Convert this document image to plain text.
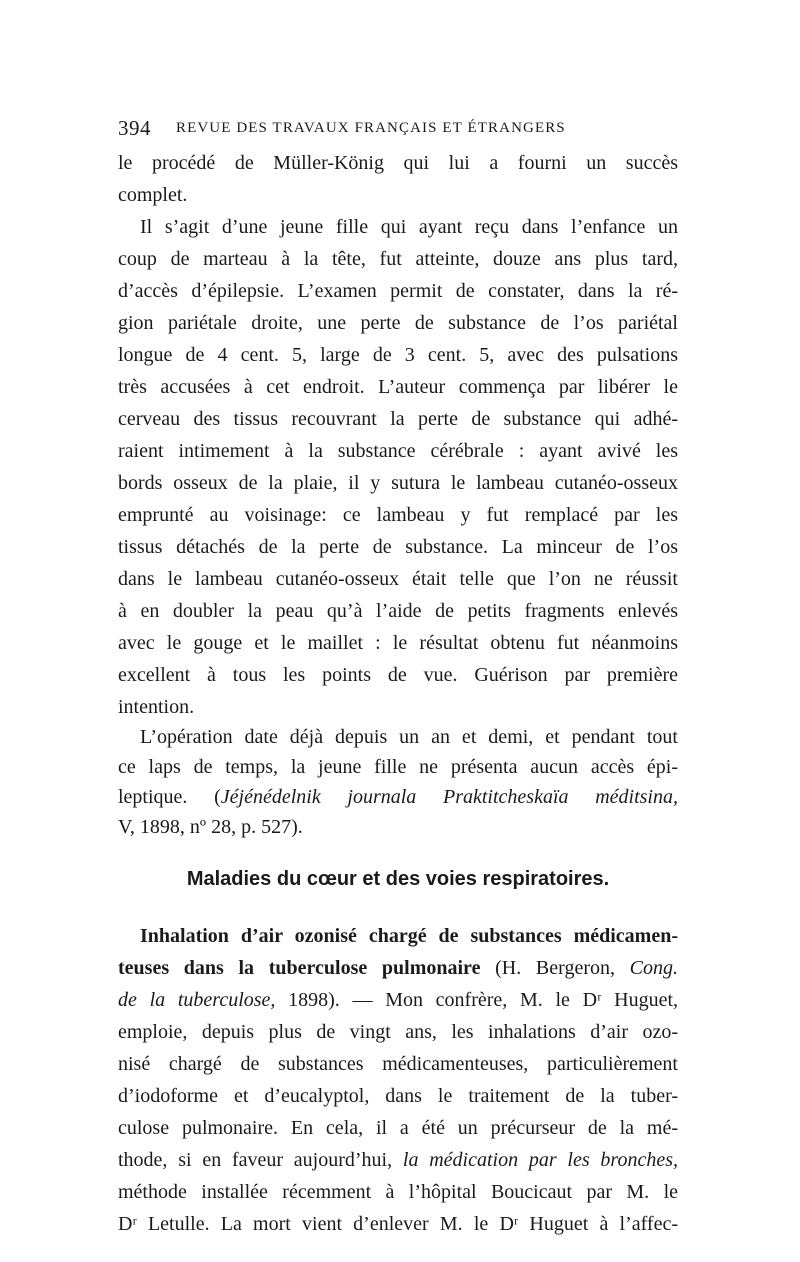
394 REVUE DES TRAVAUX FRANÇAIS ET ÉTRANGERS
le procédé de Müller-König qui lui a fourni un succès
complet.
Il s’agit d’une jeune fille qui ayant reçu dans l’enfance un
coup de marteau à la tête, fut atteinte, douze ans plus tard,
d’accès d’épilepsie. L’examen permit de constater, dans la ré-
gion pariétale droite, une perte de substance de l’os pariétal
longue de 4 cent. 5, large de 3 cent. 5, avec des pulsations
très accusées à cet endroit. L’auteur commença par libérer le
cerveau des tissus recouvrant la perte de substance qui adhé-
raient intimement à la substance cérébrale : ayant avivé les
bords osseux de la plaie, il y sutura le lambeau cutanéo-osseux
emprunté au voisinage: ce lambeau y fut remplacé par les
tissus détachés de la perte de substance. La minceur de l’os
dans le lambeau cutanéo-osseux était telle que l’on ne réussit
à en doubler la peau qu’à l’aide de petits fragments enlevés
avec le gouge et le maillet : le résultat obtenu fut néanmoins
excellent à tous les points de vue. Guérison par première
intention.
L’opération date déjà depuis un an et demi, et pendant tout
ce laps de temps, la jeune fille ne présenta aucun accès épi-
leptique. (Jéjénédelnik journala Praktitcheskaïa méditsina,
V, 1898, nº 28, p. 527).
Maladies du cœur et des voies respiratoires.
Inhalation d’air ozonisé chargé de substances médicamen-
teuses dans la tuberculose pulmonaire (H. Bergeron, Cong.
de la tuberculose, 1898). — Mon confrère, M. le Dʳ Huguet,
emploie, depuis plus de vingt ans, les inhalations d’air ozo-
nisé chargé de substances médicamenteuses, particulièrement
d’iodoforme et d’eucalyptol, dans le traitement de la tuber-
culose pulmonaire. En cela, il a été un précurseur de la mé-
thode, si en faveur aujourd’hui, la médication par les bronches,
méthode installée récemment à l’hôpital Boucicaut par M. le
Dʳ Letulle. La mort vient d’enlever M. le Dʳ Huguet à l’affec-
